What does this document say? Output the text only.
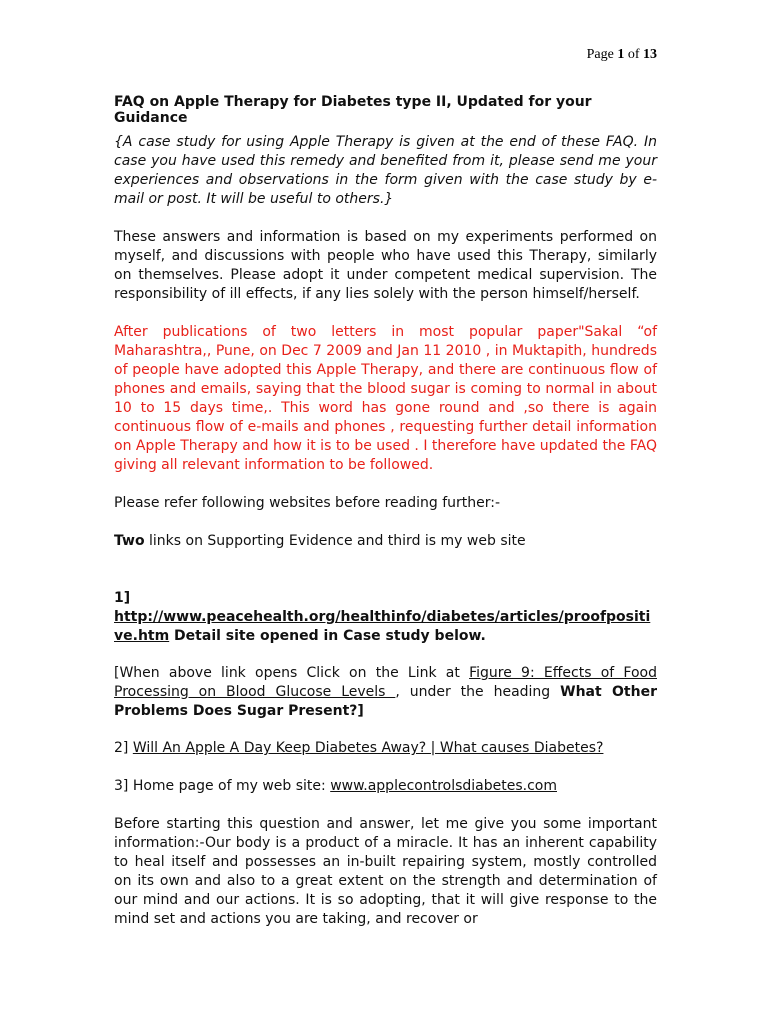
Page 1 of 13
FAQ on Apple Therapy for Diabetes type II, Updated for your Guidance

{A case study for using Apple Therapy is given at the end of these FAQ. In case you have used this remedy and benefited from it, please send me your experiences and observations in the form given with the case study by e-mail or post. It will be useful to others.}

These answers and information is based on my experiments performed on myself, and discussions with people who have used this Therapy, similarly on themselves. Please adopt it under competent medical supervision. The responsibility of ill effects, if any lies solely with the person himself/herself.

After publications of two letters in most popular paper"Sakal “of Maharashtra,, Pune, on Dec 7 2009 and Jan 11 2010 , in Muktapith, hundreds of people have adopted this Apple Therapy, and there are continuous flow of phones and emails, saying that the blood sugar is coming to normal in about 10 to 15 days time,. This word has gone round and ,so there is again continuous flow of e-mails and phones , requesting further detail information on Apple Therapy and how it is to be used . I therefore have updated the FAQ giving all relevant information to be followed.

Please refer following websites before reading further:-

Two links on Supporting Evidence and third is my web site

1]
http://www.peacehealth.org/healthinfo/diabetes/articles/proofpositive.htm Detail site opened in Case study below.

[When above link opens Click on the Link at Figure 9: Effects of Food Processing on Blood Glucose Levels , under the heading What Other Problems Does Sugar Present?]

2] Will An Apple A Day Keep Diabetes Away? | What causes Diabetes?

3] Home page of my web site: www.applecontrolsdiabetes.com

Before starting this question and answer, let me give you some important information:-Our body is a product of a miracle. It has an inherent capability to heal itself and possesses an in-built repairing system, mostly controlled on its own and also to a great extent on the strength and determination of our mind and our actions. It is so adopting, that it will give response to the mind set and actions you are taking, and recover or
